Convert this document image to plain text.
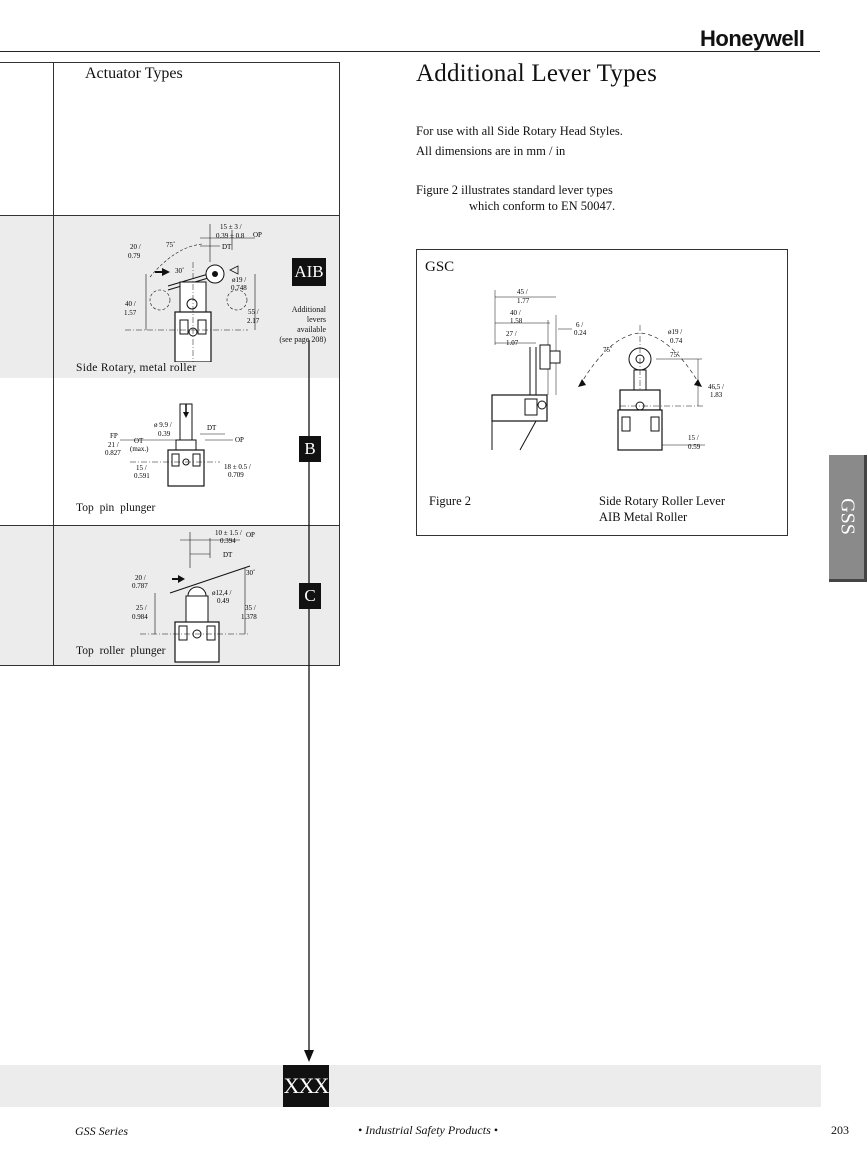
Honeywell
Actuator Types
15 ± 3 /
0.39 ± 0.8 OP
DT
20 /
0.79
75˚
30˚
ø19 /
0.748
40 /
1.57	55 /
2.17
AIB
Additional
levers
available
(see page 208)
Side Rotary, metal roller
ø 9.9 /
0.39
DT
OP
FP
OT
(max.)
21 /
0.827
15 /
0.591
18 ± 0.5 /
0.709
B
Top pin plunger
10 ± 1.5 /
0.394
OP
DT
20 /
0.787
30˚
ø12,4 /
0.49
25 /
0.984
35 /
1.378
C
Top roller plunger
Additional Lever Types
For use with all Side Rotary Head Styles.
All dimensions are in mm / in
Figure 2 illustrates standard lever types
which conform to EN 50047.
GSC
45 /
1.77
40 /
1.58
27 /
1.07
6 /
0.24	ø19 /
0.74
75˚
75˚
46,5 /
1.83
15 /
0.59
Figure 2	Side Rotary Roller Lever
AIB Metal Roller	GSS
XXX
GSS Series	• Industrial Safety Products •	203
